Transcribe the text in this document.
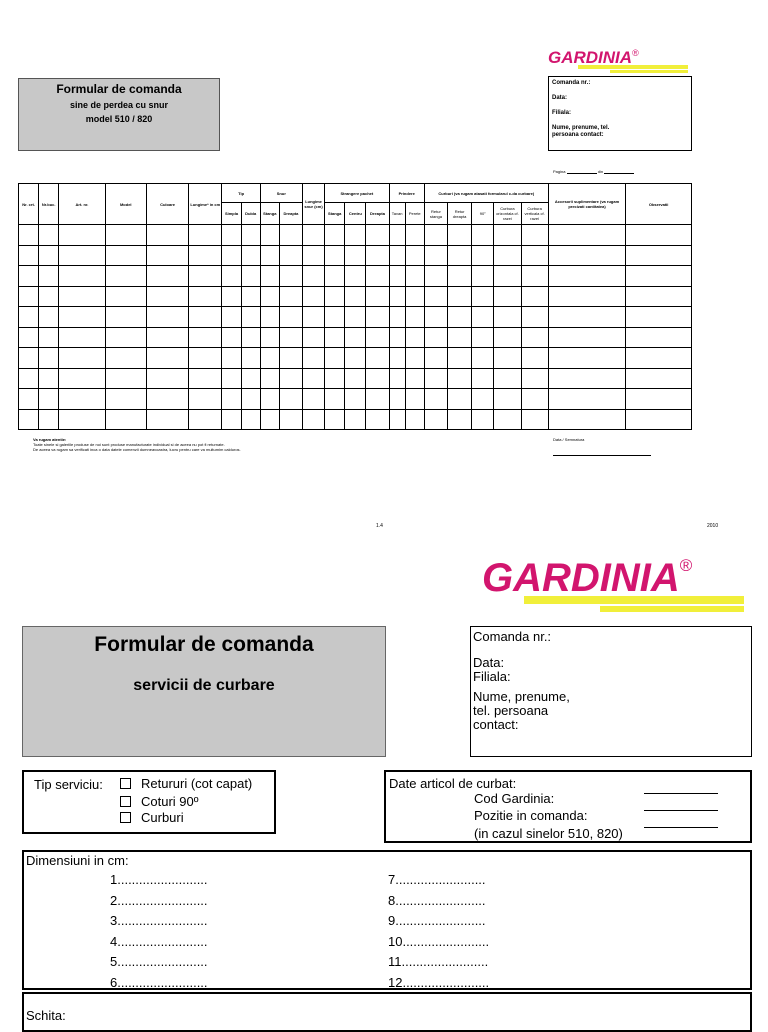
GARDINIA®
Formular de comanda
sine de perdea cu snur
model 510 / 820
Comanda nr.:
Data:
Filiala:
Nume, prenume, tel.
persoana contact:
Pagina	din
Nr. crt.	Nr.buc.	Art. nr.	Model	Culoare	Lungime* in cm	Tip		Snur		Lungime snur (cm)	Strangere pachet			Prindere		Curburi (va rugam atasati formularul c-da curbare)					Accesorii suplimentare (va rugam precizati cantitatea)	Observatii
						Simpla	Dubla	Stanga	Dreapta		Stanga	Centru	Dreapta	Tavan	Perete	Retur stanga	Retur dreapta	90°	Curbura orizontala cf. razei	Curbura verticala cf. razei		

Va rugam atentie:
Toate sinele si galeriile produse de noi sunt produse manufacturate individual si de aceea nu pot fi returnate.
De aceea va rugam sa verificati inca o data datele comenzii dumneavoastra, lucru pentru care va multumim calduros.
Data / Semnatura
1.4	2010
GARDINIA®
Formular de comanda
servicii de curbare
Comanda nr.:
Data:
Filiala:
Nume, prenume,
tel. persoana
contact:
Tip serviciu:	Retururi (cot capat)
Coturi 90º
Curburi
Date articol de curbat:
Cod Gardinia:
Pozitie in comanda:
(in cazul sinelor 510, 820)
Dimensiuni in cm:
1.........................
2.........................
3.........................
4.........................
5.........................
6.........................
7.........................
8.........................
9.........................
10........................
11........................
12........................
Schita:
